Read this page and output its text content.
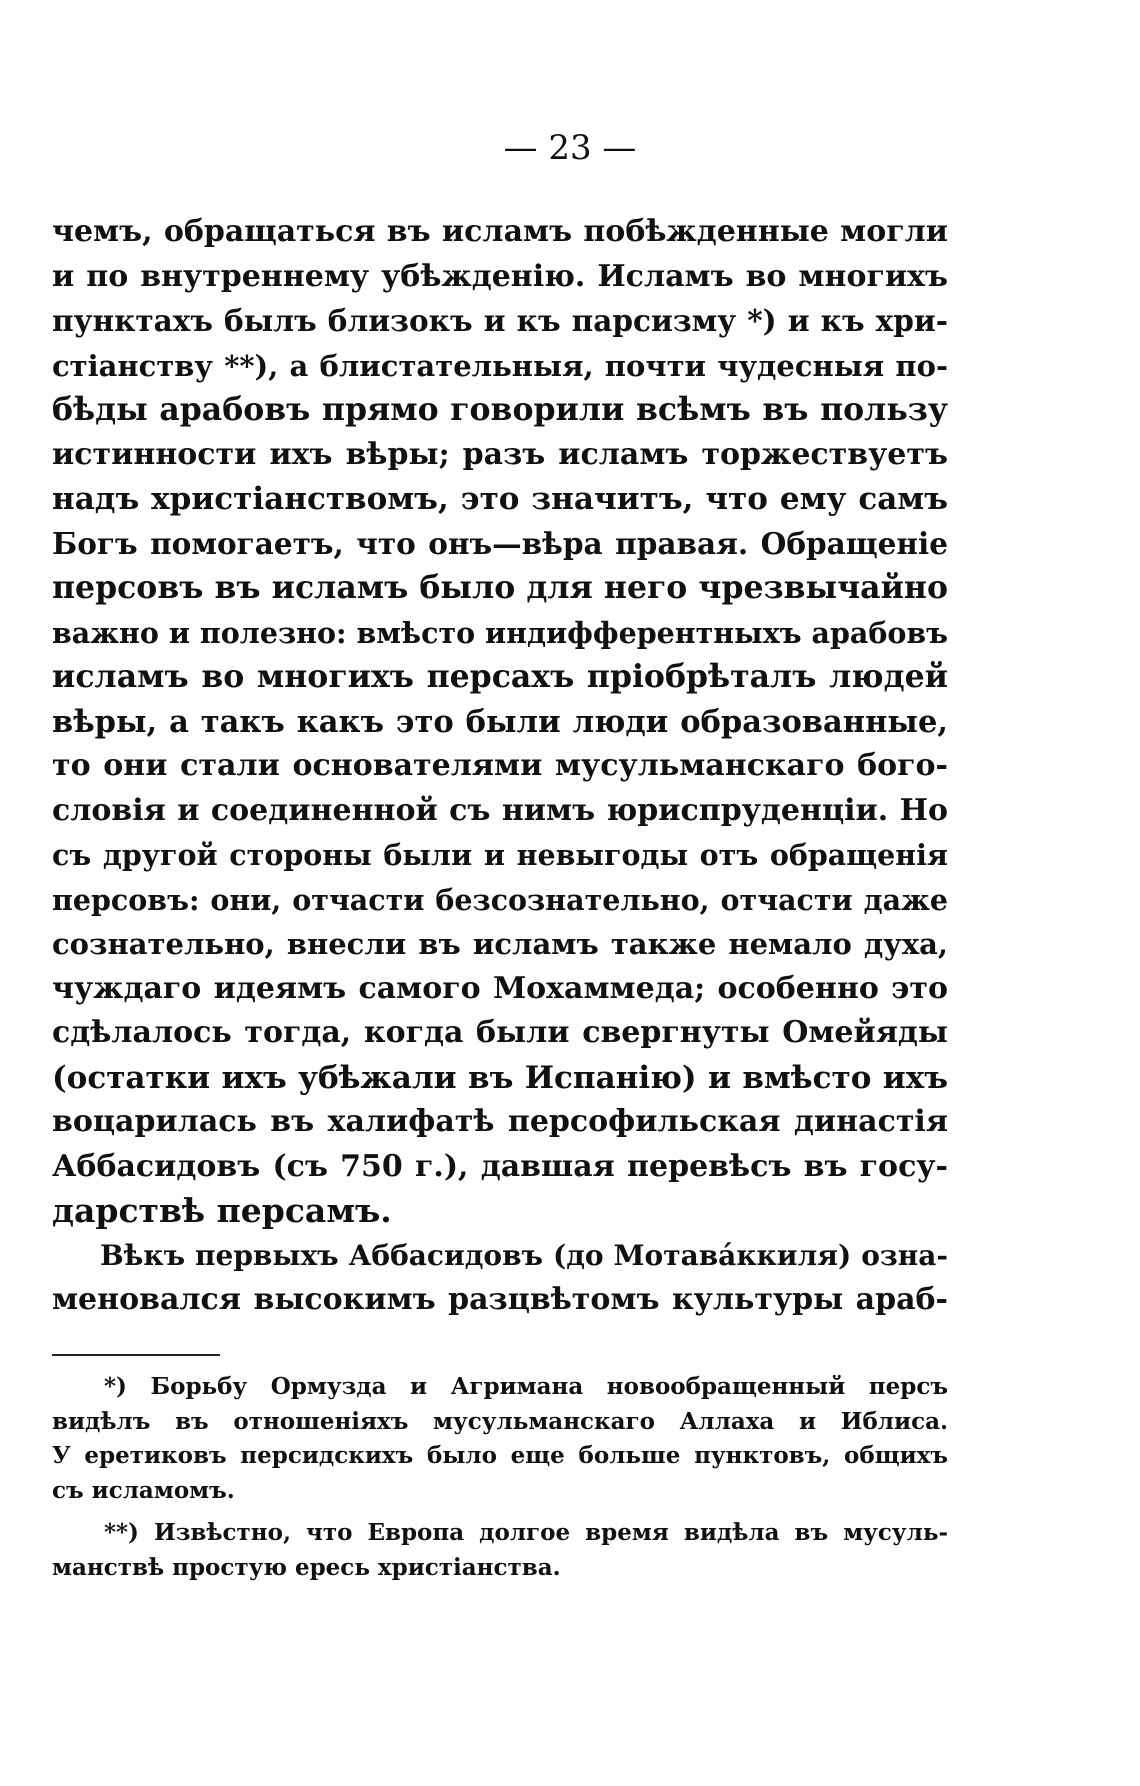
— 23 —
чемъ, обращаться въ исламъ побѣжденные могли
и по внутреннему убѣжденію. Исламъ во многихъ
пунктахъ былъ близокъ и къ парсизму *) и къ хри-
стіанству **), а блистательныя, почти чудесныя по-
бѣды арабовъ прямо говорили всѣмъ въ пользу
истинности ихъ вѣры; разъ исламъ торжествуетъ
надъ христіанствомъ, это значитъ, что ему самъ
Богъ помогаетъ, что онъ—вѣра правая. Обращеніе
персовъ въ исламъ было для него чрезвычайно
важно и полезно: вмѣсто индифферентныхъ арабовъ
исламъ во многихъ персахъ пріобрѣталъ людей
вѣры, а такъ какъ это были люди образованные,
то они стали основателями мусульманскаго бого-
словія и соединенной съ нимъ юриспруденціи. Но
съ другой стороны были и невыгоды отъ обращенія
персовъ: они, отчасти безсознательно, отчасти даже
сознательно, внесли въ исламъ также немало духа,
чуждаго идеямъ самого Мохаммеда; особенно это
сдѣлалось тогда, когда были свергнуты Омейяды
(остатки ихъ убѣжали въ Испанію) и вмѣсто ихъ
воцарилась въ халифатѣ персофильская династія
Аббасидовъ (съ 750 г.), давшая перевѣсъ въ госу-
дарствѣ персамъ.
Вѣкъ первыхъ Аббасидовъ (до Мотава́ккиля) озна-
меновался высокимъ разцвѣтомъ культуры араб-
*) Борьбу Ормузда и Агримана новообращенный персъ
видѣлъ въ отношеніяхъ мусульманскаго Аллаха и Иблиса.
У еретиковъ персидскихъ было еще больше пунктовъ, общихъ
съ исламомъ.
**) Извѣстно, что Европа долгое время видѣла въ мусуль-
манствѣ простую ересь христіанства.
